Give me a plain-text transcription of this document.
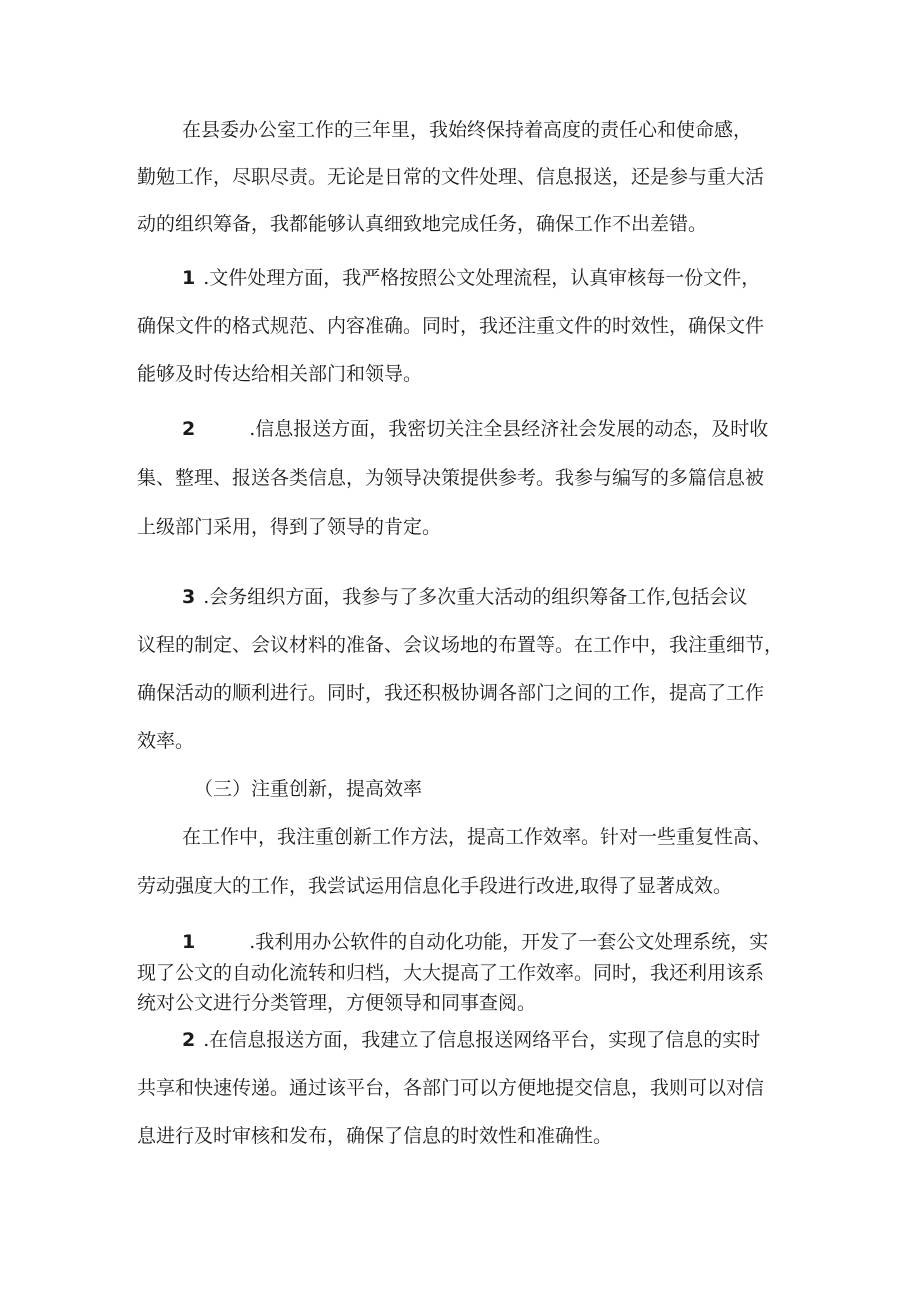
在县委办公室工作的三年里，我始终保持着高度的责任心和使命感，
勤勉工作，尽职尽责。无论是日常的文件处理、信息报送，还是参与重大活
动的组织筹备，我都能够认真细致地完成任务，确保工作不出差错。
1 .文件处理方面，我严格按照公文处理流程，认真审核每一份文件，
确保文件的格式规范、内容准确。同时，我还注重文件的时效性，确保文件
能够及时传达给相关部门和领导。
2	.信息报送方面，我密切关注全县经济社会发展的动态，及时收
集、整理、报送各类信息，为领导决策提供参考。我参与编写的多篇信息被
上级部门采用，得到了领导的肯定。
3 .会务组织方面，我参与了多次重大活动的组织筹备工作,包括会议
议程的制定、会议材料的准备、会议场地的布置等。在工作中，我注重细节，
确保活动的顺利进行。同时，我还积极协调各部门之间的工作，提高了工作
效率。
（三）注重创新，提高效率
在工作中，我注重创新工作方法，提高工作效率。针对一些重复性高、
劳动强度大的工作，我尝试运用信息化手段进行改进,取得了显著成效。
1	.我利用办公软件的自动化功能，开发了一套公文处理系统，实
现了公文的自动化流转和归档，大大提高了工作效率。同时，我还利用该系
统对公文进行分类管理，方便领导和同事查阅。
2 .在信息报送方面，我建立了信息报送网络平台，实现了信息的实时
共享和快速传递。通过该平台，各部门可以方便地提交信息，我则可以对信
息进行及时审核和发布，确保了信息的时效性和准确性。
